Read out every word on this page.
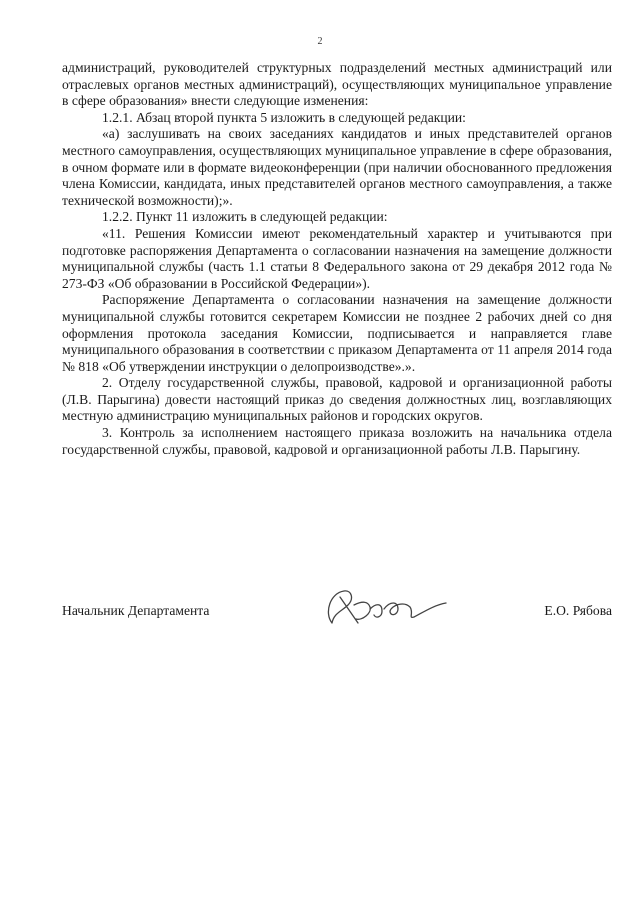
2

администраций, руководителей структурных подразделений местных администраций или отраслевых органов местных администраций), осуществляющих муниципальное управление в сфере образования» внести следующие изменения:

1.2.1. Абзац второй пункта 5 изложить в следующей редакции:

«а) заслушивать на своих заседаниях кандидатов и иных представителей органов местного самоуправления, осуществляющих муниципальное управление в сфере образования, в очном формате или в формате видеоконференции (при наличии обоснованного предложения члена Комиссии, кандидата, иных представителей органов местного самоуправления, а также технической возможности);».

1.2.2. Пункт 11 изложить в следующей редакции:

«11. Решения Комиссии имеют рекомендательный характер и учитываются при подготовке распоряжения Департамента о согласовании назначения на замещение должности муниципальной службы (часть 1.1 статьи 8 Федерального закона от 29 декабря 2012 года № 273-ФЗ «Об образовании в Российской Федерации»).

Распоряжение Департамента о согласовании назначения на замещение должности муниципальной службы готовится секретарем Комиссии не позднее 2 рабочих дней со дня оформления протокола заседания Комиссии, подписывается и направляется главе муниципального образования в соответствии с приказом Департамента от 11 апреля 2014 года № 818 «Об утверждении инструкции о делопроизводстве».».

2. Отделу государственной службы, правовой, кадровой и организационной работы (Л.В. Парыгина) довести настоящий приказ до сведения должностных лиц, возглавляющих местную администрацию муниципальных районов и городских округов.

3. Контроль за исполнением настоящего приказа возложить на начальника отдела государственной службы, правовой, кадровой и организационной работы Л.В. Парыгину.

Начальник Департамента	Е.О. Рябова
